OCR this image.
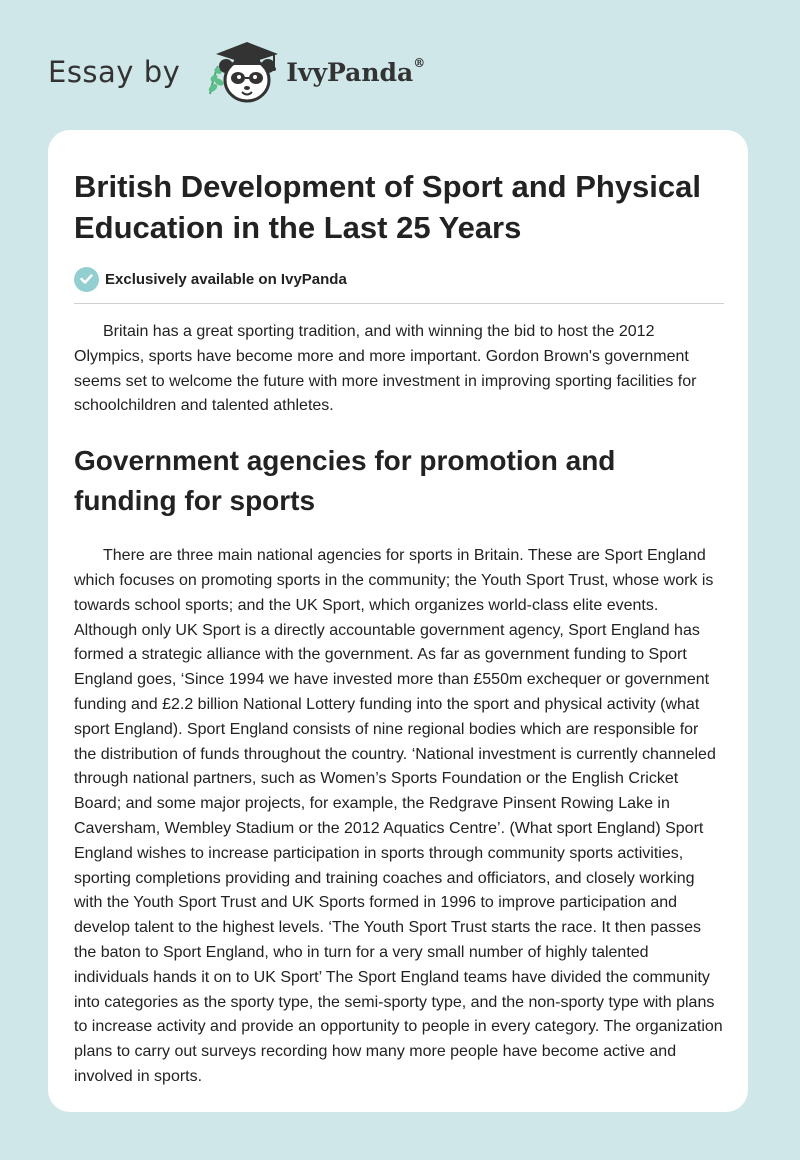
Essay by	IvyPanda®
British Development of Sport and Physical Education in the Last 25 Years
Exclusively available on IvyPanda

Britain has a great sporting tradition, and with winning the bid to host the 2012 Olympics, sports have become more and more important. Gordon Brown's government seems set to welcome the future with more investment in improving sporting facilities for schoolchildren and talented athletes.

Government agencies for promotion and funding for sports

There are three main national agencies for sports in Britain. These are Sport England which focuses on promoting sports in the community; the Youth Sport Trust, whose work is towards school sports; and the UK Sport, which organizes world-class elite events. Although only UK Sport is a directly accountable government agency, Sport England has formed a strategic alliance with the government. As far as government funding to Sport England goes, ‘Since 1994 we have invested more than £550m exchequer or government funding and £2.2 billion National Lottery funding into the sport and physical activity (what sport England). Sport England consists of nine regional bodies which are responsible for the distribution of funds throughout the country. ‘National investment is currently channeled through national partners, such as Women’s Sports Foundation or the English Cricket Board; and some major projects, for example, the Redgrave Pinsent Rowing Lake in Caversham, Wembley Stadium or the 2012 Aquatics Centre’. (What sport England) Sport England wishes to increase participation in sports through community sports activities, sporting completions providing and training coaches and officiators, and closely working with the Youth Sport Trust and UK Sports formed in 1996 to improve participation and develop talent to the highest levels. ‘The Youth Sport Trust starts the race. It then passes the baton to Sport England, who in turn for a very small number of highly talented individuals hands it on to UK Sport’ The Sport England teams have divided the community into categories as the sporty type, the semi-sporty type, and the non-sporty type with plans to increase activity and provide an opportunity to people in every category. The organization plans to carry out surveys recording how many more people have become active and involved in sports.
